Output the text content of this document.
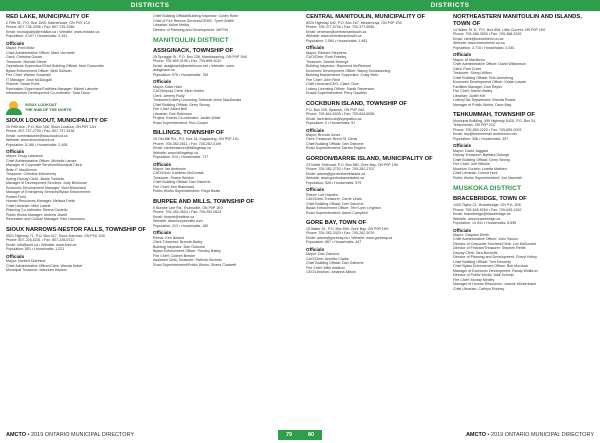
DISTRICTS
RED LAKE, MUNICIPALITY OF
2 Fifth St., P.O. Box 1000, Balmertown, ON P0V 1C0
Phone: 807-735-2096 • Fax: 807-735-2286
Email: municipality@redlake.ca • Website: www.redlake.ca
Population: 4,107 • Households: 2,191
Officials
Mayor: Fred Mota
Chief Administrative Officer: Mark Vermette
Clerk: Christine Goulet
Treasurer: Nichole Steele
Operations Supervisor/Chief Building Official: Noel Dumontier
Bylaw Enforcement Officer: Beth Sullivan
Fire Chief: Warren Sozanski
IT Manager: Josh McDougall
Planner: Sarah Rohs
Recreation Supervisor/Facilities Manager: Michel Labonte
Infrastructure Development Co-ordinator: Todd Dixon
SIOUX LOOKOUT
THE HUB OF THE NORTH
SIOUX LOOKOUT, MUNICIPALITY OF
25 Fifth Ave., P.O. Box 158, Sioux Lookout, ON P8T 1A4
Phone: 807-737-2700 • Fax: 807-737-3436
Email: commissioner@siouxlookout.ca
Website: www.siouxlookout.ca
Population: 5,188 • Households: 2,408
Officials
Mayor: Doug Lawrance
Chief Administrative Officer: Michelle Larose
Manager of Corporate Services/Municipal Clerk:
Brian F. MacKinnon
Treasurer: Christine McInenney
Acting Deputy Clerk: Jackie Tonhiolo
Manager of Development Services: Jody Brinkman
Economic Development Manager: Vicki Blanchard
Manager of Emergency Services/Bylaw Enforcement:
Robert Forst
Human Resources Manager: Melissa Fortin
Chief Librarian: Mike Lawrie
Planning Co-ordinator: Reena Costello
Public Works Manager: Andrew Jewell
Recreation and Culture Manager: Rick Lessmann
SIOUX NARROWS-NESTOR FALLS, TOWNSHIP OF
5521 Highway 71, P.O. Box 417, Sioux Narrows, ON P0X 1N0
Phone: 807-226-5241 • Fax: 807-226-5712
Email: info@snnf.ca • Website: www.snnf.ca
Population: 851 • Households: 1,221
Officials
Mayor: Norbert Dufresne
Chief Administrative Officer/Clerk: Wanda Nobel
Municipal Treasurer: Maureen Hanson
Chief Building Official/Building Inspector: Cullen Robb
Chief of Fire Rescue Services/CEMC: Tyrell Griffith
Librarian: Arline Melloy
Director of Planning and Development: Jeff Pet
MANITOULIN DISTRICT
ASSIGINACK, TOWNSHIP OF
25 Spragge St., P.O. Box 238, Manitowaning, ON P0P 1N0
Phone: 705-859-3196 • Fax: 705-859-3010
Email: assiginack@amtelecom.net • Website: www.
assiginack.ca
Population: 976 • Households: 759
Officials
Mayor: Dave Ham
CAO/Deputy Clerk: Alton Hobbs
Clerk: Jeremy Rody
Treasurer/Lottery Licensing: Deborah-Anne MacDonald
Chief Building Official: Gerry Strong
Fire Chief: Albert Bell
Librarian: Deb Robinson
Project, Events Co-ordinator: Jackie White
Road Superintendent: Ron Cooper
BILLINGS, TOWNSHIP OF
15 Old Mill Rd., P.O. Box 34, Kagawong, ON P0P 1J0
Phone: 705-282-2611 • Fax: 705-282-3199
Email: clerktreasurer@billingstwp.ca
Website: www.billingstwp.ca
Population: 514 • Households: 717
Officials
Mayor: Ian Anderson
CAO/Clerk: Kathleen McDonald
Treasurer: Shane Weston
Chief Building Official: Dan Osborne
Fire Chief: Ken Blanchard
Public Works Superintendent: Floyd Beals
BURPEE AND MILLS, TOWNSHIP OF
9 Burpee Line Rd., Evansville, ON P0P 1E0
Phone: 705-282-0624 • Fax: 705-282-0624
Email: burpee@bellnet.ca
Website: www.burpeemills.com
Population: 313 • Households: 180
Officials
Reeve: Ken Noland
Clerk-Treasurer: Brenda Bailey
Building Inspector: Dan Osborne
Bylaw Enforcement Officer: Timothy Bailey
Fire Chief: Colleen Bresler
Assistant Clerk-Treasurer: Patricia Gilchrist
Road Superintendent/Public Works: Shane Chatwell
AMCTO • 2019 ONTARIO MUNICIPAL DIRECTORY	79
DISTRICTS
CENTRAL MANITOULIN, MUNICIPALITY OF
6020 Highway 542, P.O. Box 187, Mindemoya, ON P0P 1S0
Phone: 705-377-5726 • Fax: 705-377-5585
Email: centman@centralmanitoulin.ca
Website: www.centralmanitoulin.ca
Population: 2,084 • Households: 1,483
Officials
Mayor: Richard Stephens
CAO/Clerk: Ruth Frawley
Treasurer: Denise Deforge
Building Inspector: Raymond McPherson
Economic Development Officer: Nancy Kinnakanning
Building Maintenance Supervisor: Craig Stein
Fire Chief: John Reid
Chief Librarian/CEO: Claire Cline
Lottery Licensing Officer: Sarah Stevenson
Roads Superintendent: Perry Gauthier
COCKBURN ISLAND, TOWNSHIP OF
P.O. Box 205, Spanish, ON P0P 2A0
Phone: 705-844-0035 • Fax: 705-844-6058
Email: lavenitchcok@sympatico.ca
Population: 0 • Households: 91
Officials
Mayor: Brenda Jones
Clerk-Treasurer: Brent St. Denis
Chief Building Official: Dan Osborne
Road Superintendent: Darren Rogers
GORDON/BARRIE ISLAND, MUNICIPALITY OF
23 Noble Sideroad, P.O. Box 580, Gore Bay, ON P0P 1H0
Phone: 705-282-2702 • Fax: 705-282-2702
Email: admin@gordonbarrieisland.ca
Website: www.gordonbarrieisland.ca
Population: 526 • Households: 579
Officials
Reeve: Lee Hayden
CAO/Clerk-Treasurer: Carrie Lewis
Chief Building Official: Dan Osborne
Bylaw Enforcement Officer: Terri Lynn Leighton
Road Superintendent: Aaron Campbell
GORE BAY, TOWN OF
15 Water St., P.O. Box 590, Gore Bay, ON P0P 1H0
Phone: 705-282-2420 • Fax: 705-282-3076
Email: admin@gorebay.ca • Website: www.gorebay.ca
Population: 867 • Households: 447
Officials
Mayor: Dan Osborne
CAO/Clerk: Annette Clarke
Chief Building Official: Dan Osborne
Fire Chief: Mike Addison
CEO/Librarian: Johanna Allison
NORTHEASTERN MANITOULIN AND ISLANDS, TOWN OF
14 Water St. E., P.O. Box 608, Little Current, ON P0P 1K0
Phone: 705-368-3500 • Fax: 705-368-2245
Email: clerk@townofnemi.on.ca
Website: www.townofnemi.on.ca
Population: 2,715 • Households: 2,030
Officials
Mayor: Al MacNevin
Chief Administrative Officer: David Williamson
Clerk: Pam Cress
Treasurer: Sheryl Wilton
Chief Building Official: Rob Armstrong
Economic Development Officer: Kristin Lavoie
Facilities Manager: Dan Rayier
Fire Chief: Darren Bailey
Librarian: Judith Kift
Lottery/Tax Department: Brenda Reade
Manager of Public Works: Dave May
TEHKUMMAH, TOWNSHIP OF
Municipal Building, 459 Highway 542A, P.O. Box 24,
Tehkummah, ON P0P 2C0
Phone: 705-859-2220 • Fax: 705-859-2003
Email: twp@tehkummah.amtelecom.net
Population: 358 • Households: 357
Officials
Mayor: David Jaggard
Deputy Treasurer: Barbara Deforge
Chief Building Official: Gerry Strong
Fire Chief: Joel Wilkins
Museum Curator: Loretta Mathieu
Chief Librarian: Donna Hunt
Public Works Superintendent: Joe Naomish
MUSKOKA DISTRICT
BRACEBRIDGE, TOWN OF
1000 Taylor Ct., Bracebridge, ON P1L 1R6
Phone: 705-645-5264 • Fax: 705-645-1262
Email: bracebridge@bracebridge.ca
Website: www.bracebridge.ca
Population: 14,941 • Households: 8,695
Officials
Mayor: Graydon Smith
Chief Administrative Officer: John Sisson
Director of Corporate Services/Clerk: Lori McDonald
Director of Finance/Treasurer: Stephen Rettie
Deputy Clerk: Tara Bucholtz
Director of Planning and Development: Cheryl Kelley
Chief Building Official: Tom Kennedy
Chief Bylaw Enforcement Officer: Bob Murdock
Manager of Economic Development: Randy Wollbrun
Director of Public Works: Walt Schmid
Fire Chief: Murray Medley
Manager of Human Resources: Joanne Wickenbach
Chief Librarian: Cathryn Rodney
80	AMCTO • 2019 ONTARIO MUNICIPAL DIRECTORY
